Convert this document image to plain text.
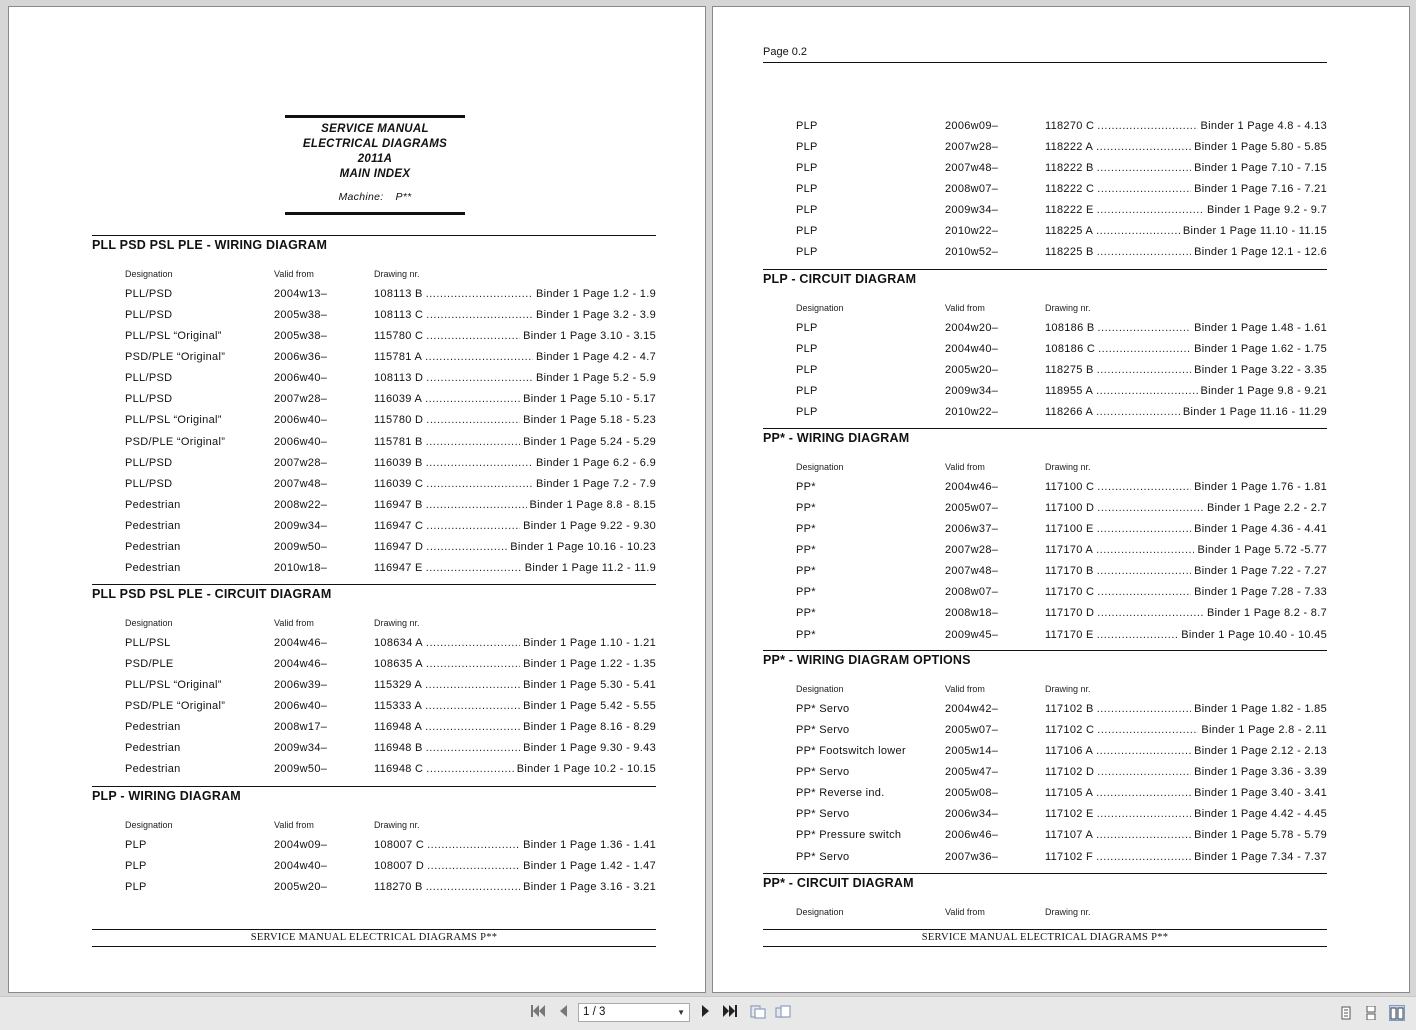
SERVICE MANUAL
ELECTRICAL DIAGRAMS
2011A
MAIN INDEX
Machine: P**
PLL PSD PSL PLE - WIRING DIAGRAM
Designation	Valid from	Drawing nr.
PLL/PSD	2004w13–	108113 B .....	Binder 1 Page 1.2 - 1.9
PLL/PSD	2005w38–	108113 C .....	Binder 1 Page 3.2 - 3.9
PLL/PSL “Original”	2005w38–	115780 C .....	Binder 1 Page 3.10 - 3.15
PSD/PLE “Original”	2006w36–	115781 A .....	Binder 1 Page 4.2 - 4.7
PLL/PSD	2006w40–	108113 D .....	Binder 1 Page 5.2 - 5.9
PLL/PSD	2007w28–	116039 A .....	Binder 1 Page 5.10 - 5.17
PLL/PSL “Original”	2006w40–	115780 D .....	Binder 1 Page 5.18 - 5.23
PSD/PLE “Original”	2006w40–	115781 B .....	Binder 1 Page 5.24 - 5.29
PLL/PSD	2007w28–	116039 B .....	Binder 1 Page 6.2 - 6.9
PLL/PSD	2007w48–	116039 C .....	Binder 1 Page 7.2 - 7.9
Pedestrian	2008w22–	116947 B .....	Binder 1 Page 8.8 - 8.15
Pedestrian	2009w34–	116947 C .....	Binder 1 Page 9.22 - 9.30
Pedestrian	2009w50–	116947 D .....	Binder 1 Page 10.16 - 10.23
Pedestrian	2010w18–	116947 E .....	Binder 1 Page 11.2 - 11.9
PLL PSD PSL PLE - CIRCUIT DIAGRAM
Designation	Valid from	Drawing nr.
PLL/PSL	2004w46–	108634 A .....	Binder 1 Page 1.10 - 1.21
PSD/PLE	2004w46–	108635 A .....	Binder 1 Page 1.22 - 1.35
PLL/PSL “Original”	2006w39–	115329 A .....	Binder 1 Page 5.30 - 5.41
PSD/PLE “Original”	2006w40–	115333 A .....	Binder 1 Page 5.42 - 5.55
Pedestrian	2008w17–	116948 A .....	Binder 1 Page 8.16 - 8.29
Pedestrian	2009w34–	116948 B .....	Binder 1 Page 9.30 - 9.43
Pedestrian	2009w50–	116948 C .....	Binder 1 Page 10.2 - 10.15
PLP - WIRING DIAGRAM
Designation	Valid from	Drawing nr.
PLP	2004w09–	108007 C .....	Binder 1 Page 1.36 - 1.41
PLP	2004w40–	108007 D .....	Binder 1 Page 1.42 - 1.47
PLP	2005w20–	118270 B .....	Binder 1 Page 3.16 - 3.21
SERVICE MANUAL ELECTRICAL DIAGRAMS P**
Page 0.2
PLP	2006w09–	118270 C .....	Binder 1 Page 4.8 - 4.13
PLP	2007w28–	118222 A .....	Binder 1 Page 5.80 - 5.85
PLP	2007w48–	118222 B .....	Binder 1 Page 7.10 - 7.15
PLP	2008w07–	118222 C .....	Binder 1 Page 7.16 - 7.21
PLP	2009w34–	118222 E .....	Binder 1 Page 9.2 - 9.7
PLP	2010w22–	118225 A .....	Binder 1 Page 11.10 - 11.15
PLP	2010w52–	118225 B .....	Binder 1 Page 12.1 - 12.6
PLP - CIRCUIT DIAGRAM
Designation	Valid from	Drawing nr.
PLP	2004w20–	108186 B .....	Binder 1 Page 1.48 - 1.61
PLP	2004w40–	108186 C .....	Binder 1 Page 1.62 - 1.75
PLP	2005w20–	118275 B .....	Binder 1 Page 3.22 - 3.35
PLP	2009w34–	118955 A .....	Binder 1 Page 9.8 - 9.21
PLP	2010w22–	118266 A .....	Binder 1 Page 11.16 - 11.29
PP* - WIRING DIAGRAM
Designation	Valid from	Drawing nr.
PP*	2004w46–	117100 C .....	Binder 1 Page 1.76 - 1.81
PP*	2005w07–	117100 D .....	Binder 1 Page 2.2 - 2.7
PP*	2006w37–	117100 E .....	Binder 1 Page 4.36 - 4.41
PP*	2007w28–	117170 A .....	Binder 1 Page 5.72 -5.77
PP*	2007w48–	117170 B .....	Binder 1 Page 7.22 - 7.27
PP*	2008w07–	117170 C .....	Binder 1 Page 7.28 - 7.33
PP*	2008w18–	117170 D .....	Binder 1 Page 8.2 - 8.7
PP*	2009w45–	117170 E .....	Binder 1 Page 10.40 - 10.45
PP* - WIRING DIAGRAM OPTIONS
Designation	Valid from	Drawing nr.
PP* Servo	2004w42–	117102 B .....	Binder 1 Page 1.82 - 1.85
PP* Servo	2005w07–	117102 C .....	Binder 1 Page 2.8 - 2.11
PP* Footswitch lower	2005w14–	117106 A .....	Binder 1 Page 2.12 - 2.13
PP* Servo	2005w47–	117102 D .....	Binder 1 Page 3.36 - 3.39
PP* Reverse ind.	2005w08–	117105 A .....	Binder 1 Page 3.40 - 3.41
PP* Servo	2006w34–	117102 E .....	Binder 1 Page 4.42 - 4.45
PP* Pressure switch	2006w46–	117107 A .....	Binder 1 Page 5.78 - 5.79
PP* Servo	2007w36–	117102 F .....	Binder 1 Page 7.34 - 7.37
PP* - CIRCUIT DIAGRAM
Designation	Valid from	Drawing nr.
SERVICE MANUAL ELECTRICAL DIAGRAMS P**
1 / 3	▼
